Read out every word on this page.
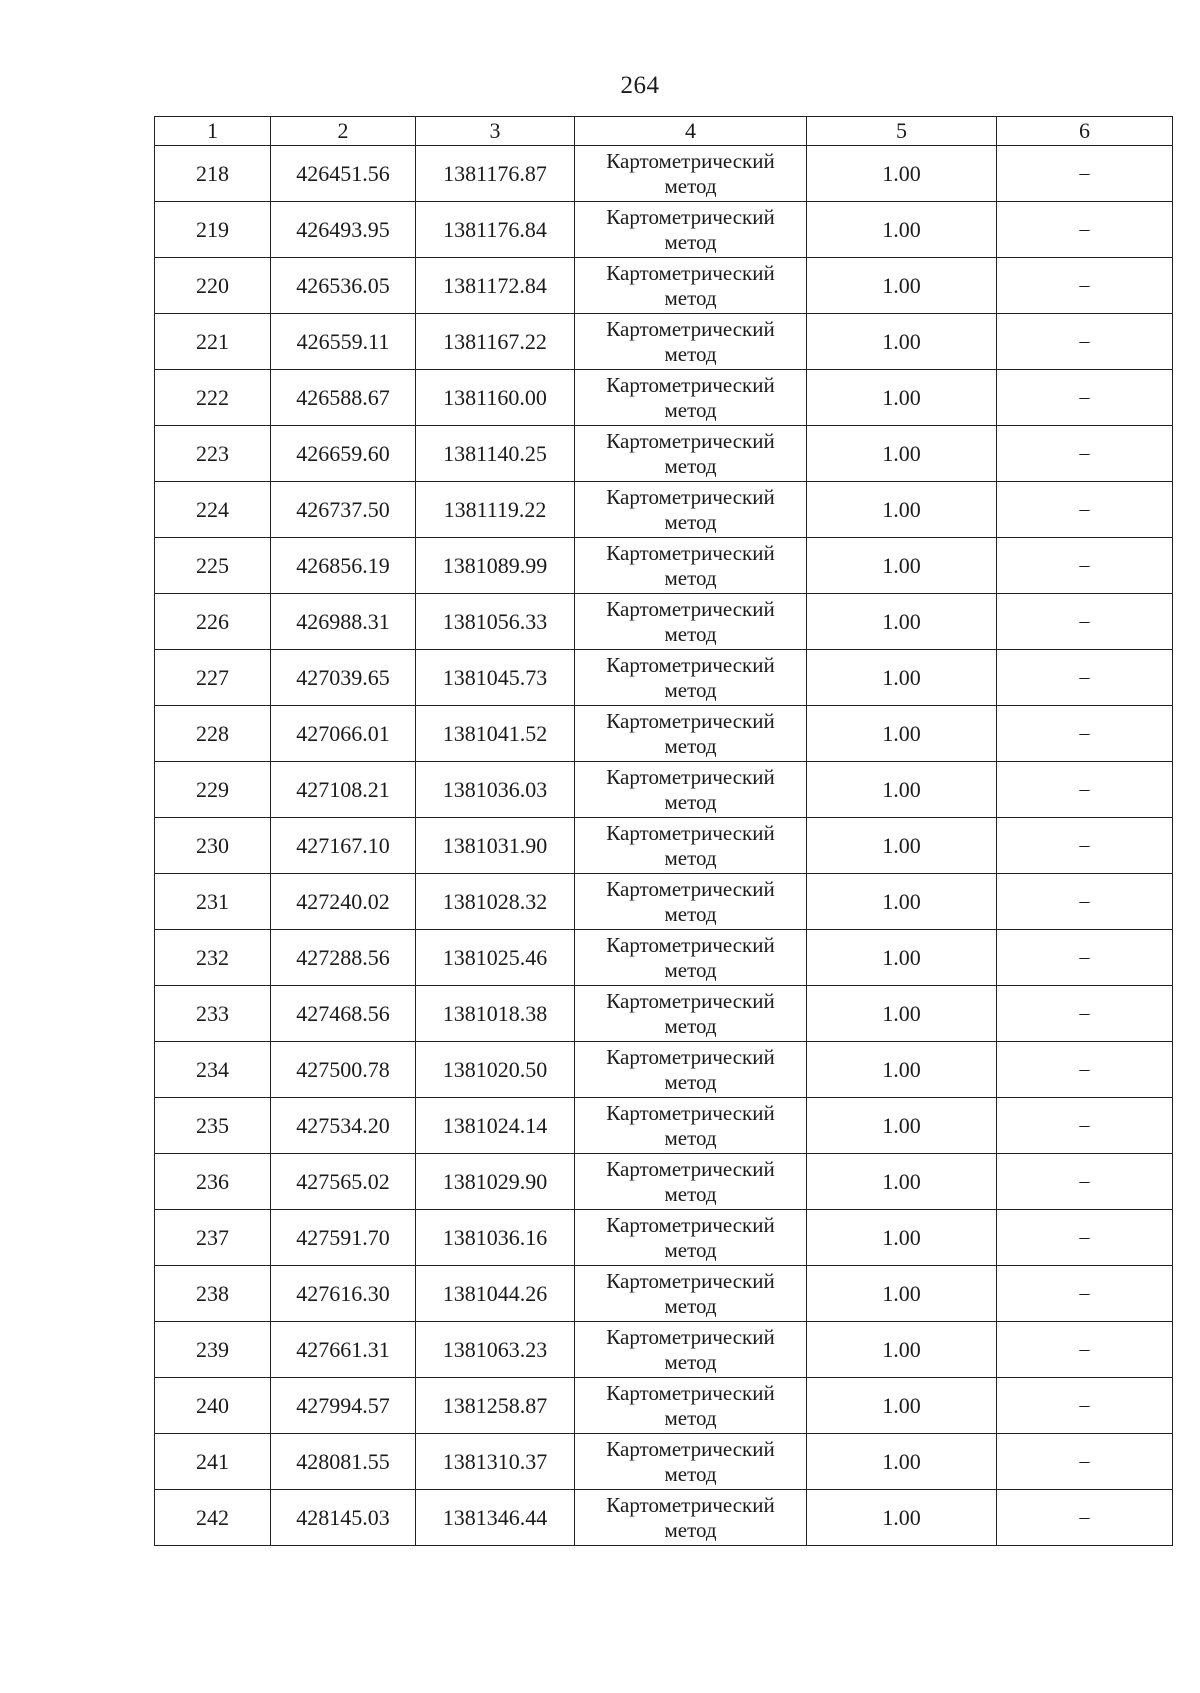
264
1	2	3	4	5	6
218	426451.56	1381176.87	Картометрический метод	1.00	–
219	426493.95	1381176.84	Картометрический метод	1.00	–
220	426536.05	1381172.84	Картометрический метод	1.00	–
221	426559.11	1381167.22	Картометрический метод	1.00	–
222	426588.67	1381160.00	Картометрический метод	1.00	–
223	426659.60	1381140.25	Картометрический метод	1.00	–
224	426737.50	1381119.22	Картометрический метод	1.00	–
225	426856.19	1381089.99	Картометрический метод	1.00	–
226	426988.31	1381056.33	Картометрический метод	1.00	–
227	427039.65	1381045.73	Картометрический метод	1.00	–
228	427066.01	1381041.52	Картометрический метод	1.00	–
229	427108.21	1381036.03	Картометрический метод	1.00	–
230	427167.10	1381031.90	Картометрический метод	1.00	–
231	427240.02	1381028.32	Картометрический метод	1.00	–
232	427288.56	1381025.46	Картометрический метод	1.00	–
233	427468.56	1381018.38	Картометрический метод	1.00	–
234	427500.78	1381020.50	Картометрический метод	1.00	–
235	427534.20	1381024.14	Картометрический метод	1.00	–
236	427565.02	1381029.90	Картометрический метод	1.00	–
237	427591.70	1381036.16	Картометрический метод	1.00	–
238	427616.30	1381044.26	Картометрический метод	1.00	–
239	427661.31	1381063.23	Картометрический метод	1.00	–
240	427994.57	1381258.87	Картометрический метод	1.00	–
241	428081.55	1381310.37	Картометрический метод	1.00	–
242	428145.03	1381346.44	Картометрический метод	1.00	–
